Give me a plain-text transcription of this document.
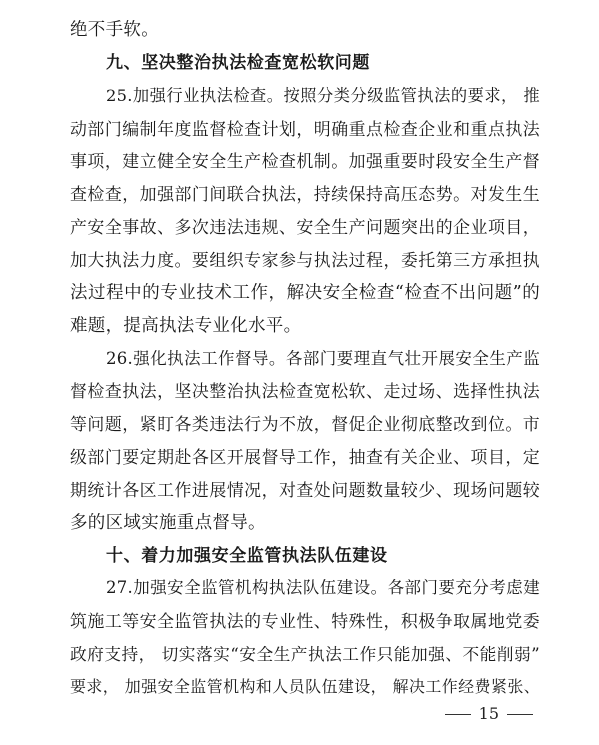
绝不手软。
九、坚决整治执法检查宽松软问题
25.加强行业执法检查。按照分类分级监管执法的要求， 推
动部门编制年度监督检查计划，明确重点检查企业和重点执法
事项，建立健全安全生产检查机制。加强重要时段安全生产督
查检查，加强部门间联合执法，持续保持高压态势。对发生生
产安全事故、多次违法违规、安全生产问题突出的企业项目，
加大执法力度。要组织专家参与执法过程，委托第三方承担执
法过程中的专业技术工作，解决安全检查“检查不出问题”的
难题，提高执法专业化水平。
26.强化执法工作督导。各部门要理直气壮开展安全生产监
督检查执法，坚决整治执法检查宽松软、走过场、选择性执法
等问题，紧盯各类违法行为不放，督促企业彻底整改到位。市
级部门要定期赴各区开展督导工作，抽查有关企业、项目，定
期统计各区工作进展情况，对查处问题数量较少、现场问题较
多的区域实施重点督导。
十、着力加强安全监管执法队伍建设
27.加强安全监管机构执法队伍建设。各部门要充分考虑建
筑施工等安全监管执法的专业性、特殊性，积极争取属地党委
政府支持， 切实落实“安全生产执法工作只能加强、不能削弱”
要求， 加强安全监管机构和人员队伍建设， 解决工作经费紧张、
15
